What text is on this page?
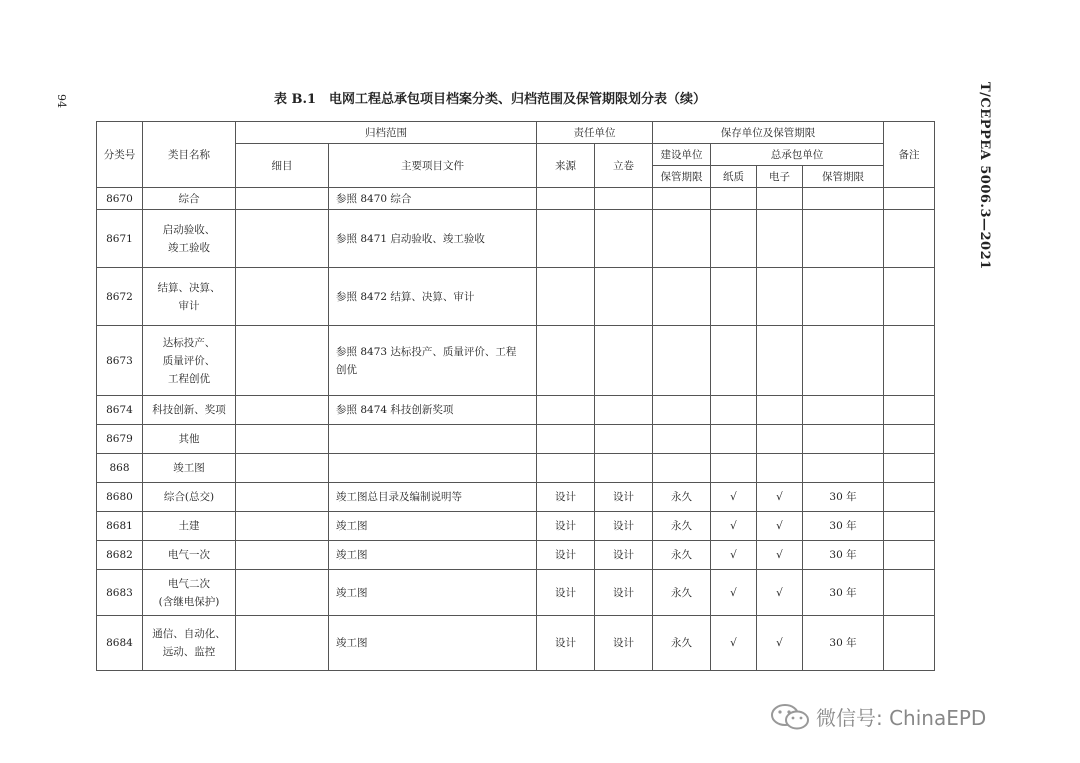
94	T/CEPPEA 5006.3—2021
表 B.1　电网工程总承包项目档案分类、归档范围及保管期限划分表（续）
分类号	类目名称	归档范围		责任单位		保存单位及保管期限				备注
		细目	主要项目文件	来源	立卷	建设单位	总承包单位			
						保管期限	纸质	电子	保管期限	
8670	综合		参照 8470 综合							
8671	启动验收、
竣工验收		参照 8471 启动验收、竣工验收							
8672	结算、决算、
审计		参照 8472 结算、决算、审计							
8673	达标投产、
质量评价、
工程创优		参照 8473 达标投产、质量评价、工程
创优							
8674	科技创新、奖项		参照 8474 科技创新奖项							
8679	其他									
868	竣工图									
8680	综合(总交)		竣工图总目录及编制说明等	设计	设计	永久	√	√	30 年	
8681	土建		竣工图	设计	设计	永久	√	√	30 年	
8682	电气一次		竣工图	设计	设计	永久	√	√	30 年	
8683	电气二次
(含继电保护)		竣工图	设计	设计	永久	√	√	30 年	
8684	通信、自动化、
远动、监控		竣工图	设计	设计	永久	√	√	30 年	
微信号: ChinaEPD
